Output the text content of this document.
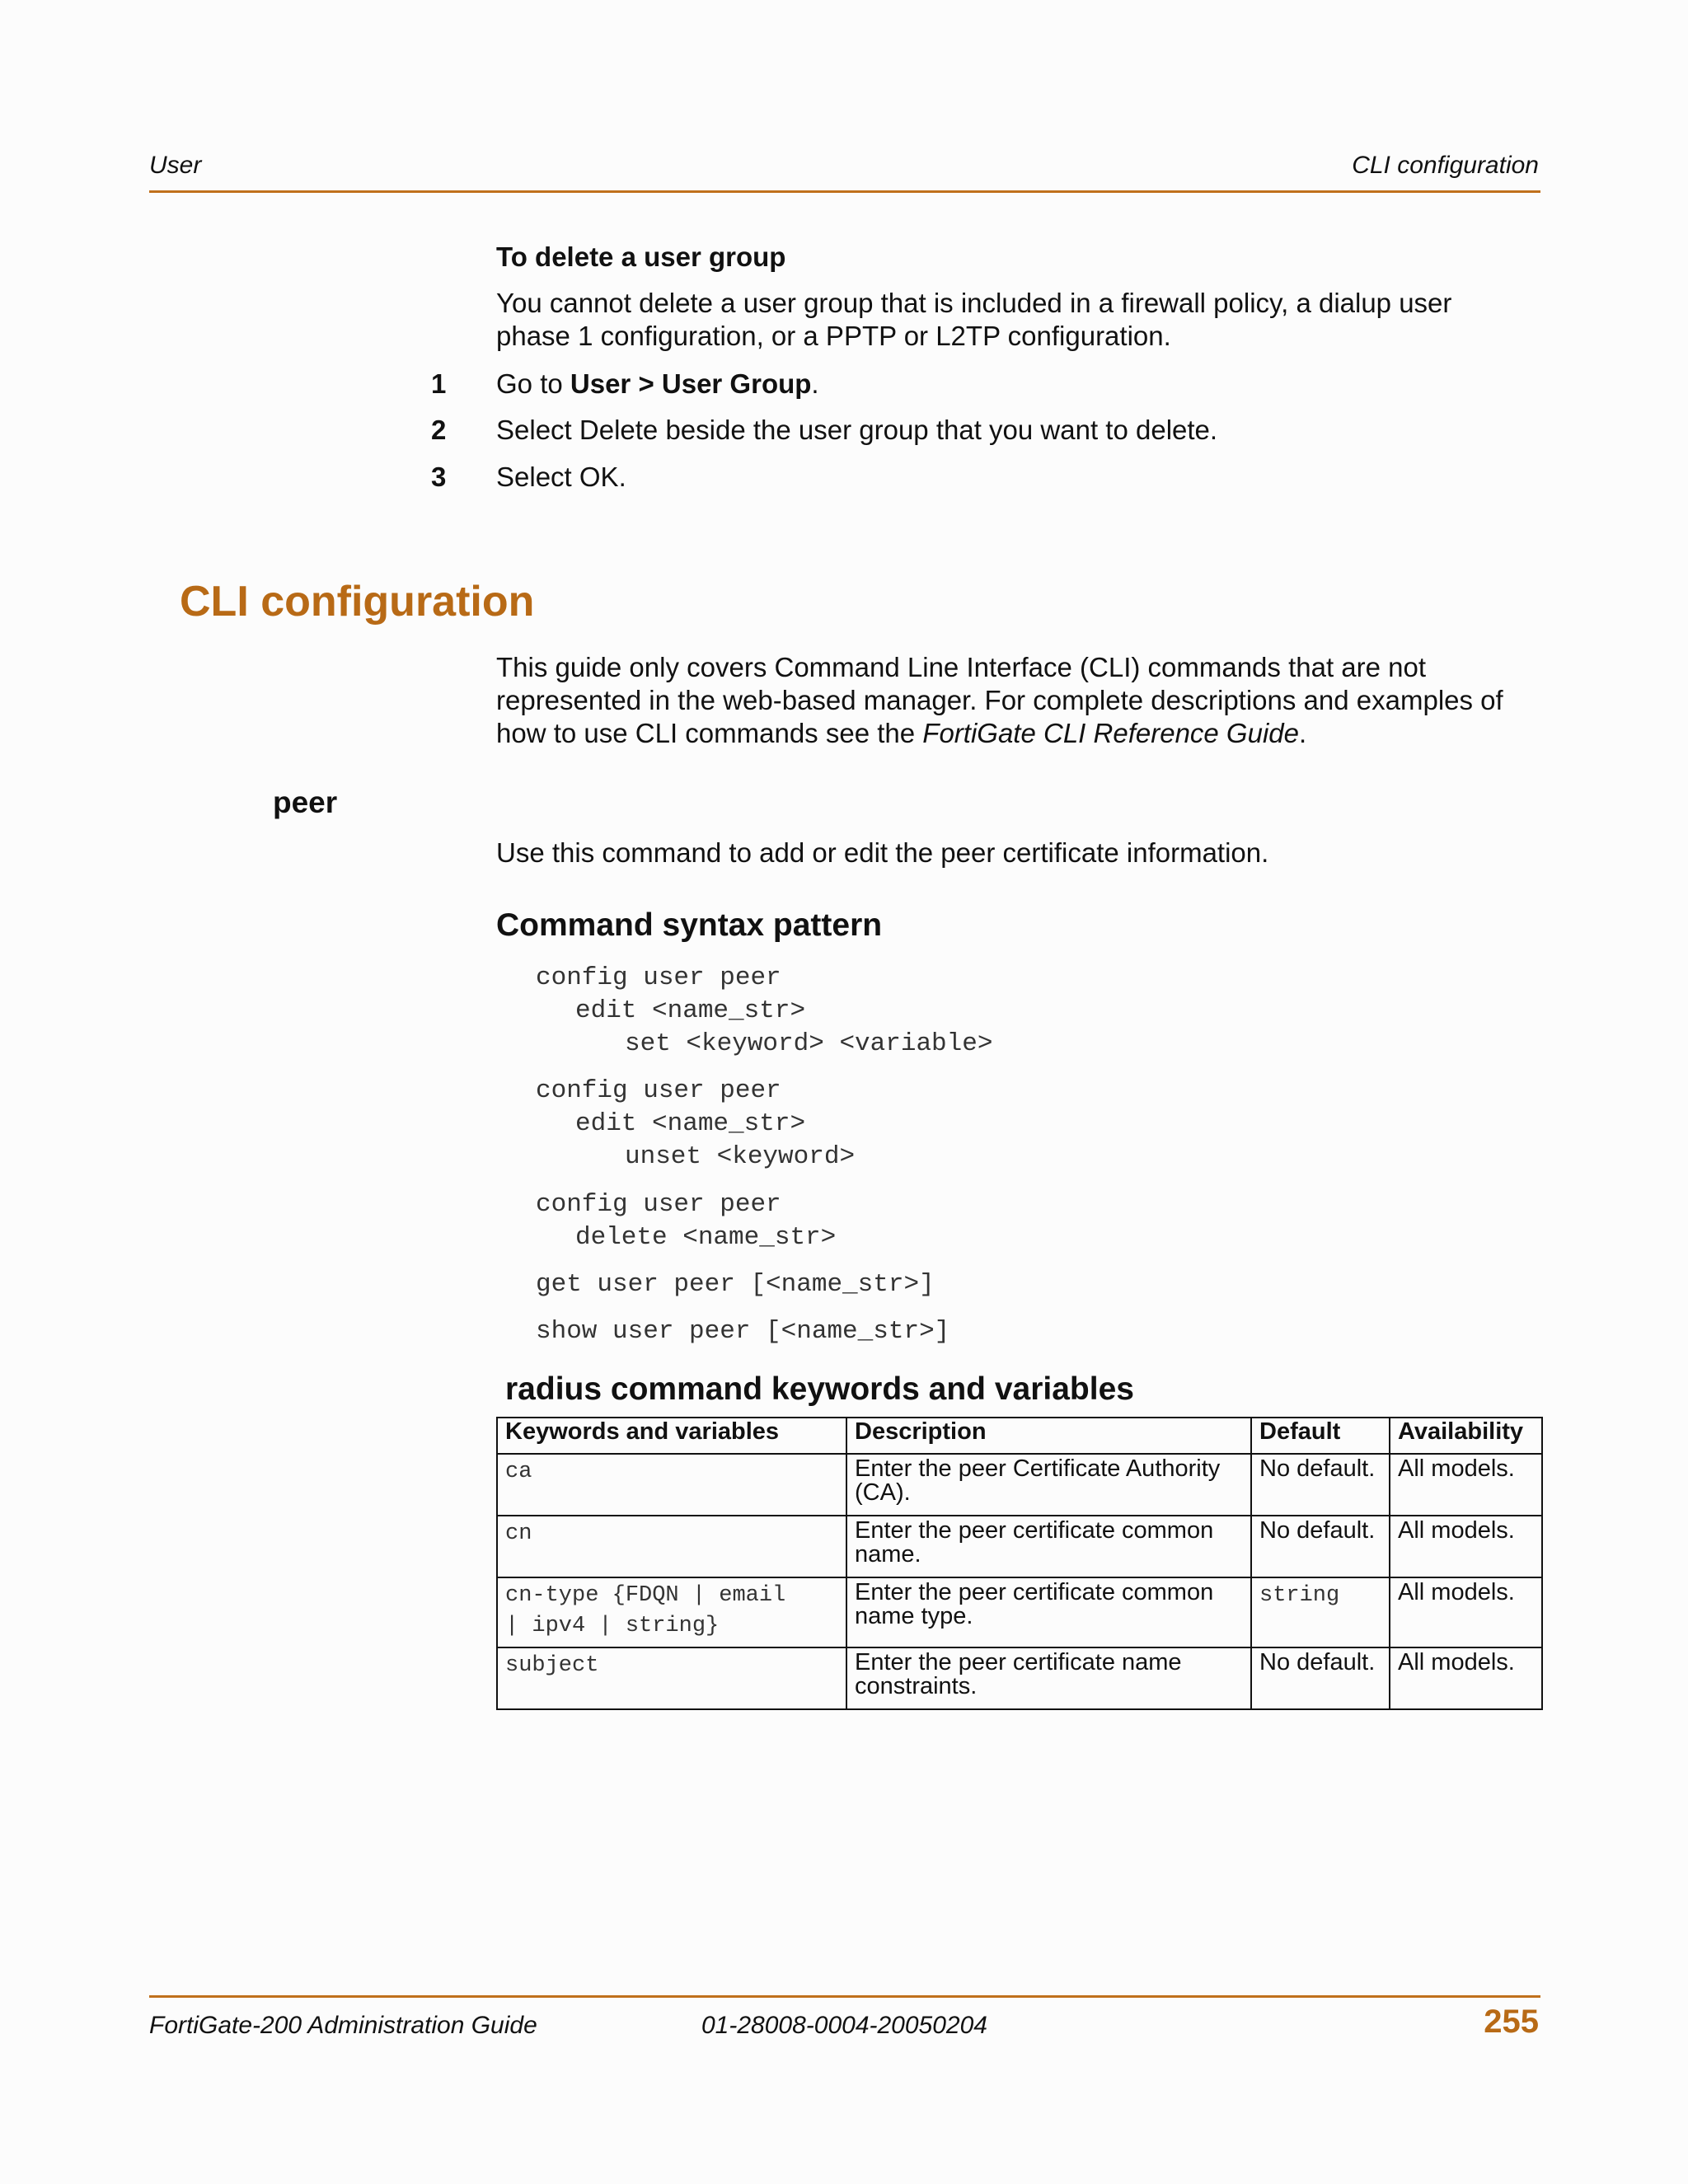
User	CLI configuration
To delete a user group
You cannot delete a user group that is included in a firewall policy, a dialup user
phase 1 configuration, or a PPTP or L2TP configuration.
1 Go to User > User Group.
2 Select Delete beside the user group that you want to delete.
3 Select OK.
CLI configuration
This guide only covers Command Line Interface (CLI) commands that are not
represented in the web-based manager. For complete descriptions and examples of
how to use CLI commands see the FortiGate CLI Reference Guide.
peer
Use this command to add or edit the peer certificate information.
Command syntax pattern
config user peer
edit <name_str>
set <keyword> <variable>
config user peer
edit <name_str>
unset <keyword>
config user peer
delete <name_str>
get user peer [<name_str>]
show user peer [<name_str>]
radius command keywords and variables
Keywords and variables	Description	Default	Availability

ca	Enter the peer Certificate Authority (CA).	No default.	All models.

cn	Enter the peer certificate common name.	No default.	All models.

cn-type {FDQN | email
| ipv4 | string}	Enter the peer certificate common name type.	string	All models.

subject	Enter the peer certificate name constraints.	No default.	All models.
FortiGate-200 Administration Guide	01-28008-0004-20050204	255
